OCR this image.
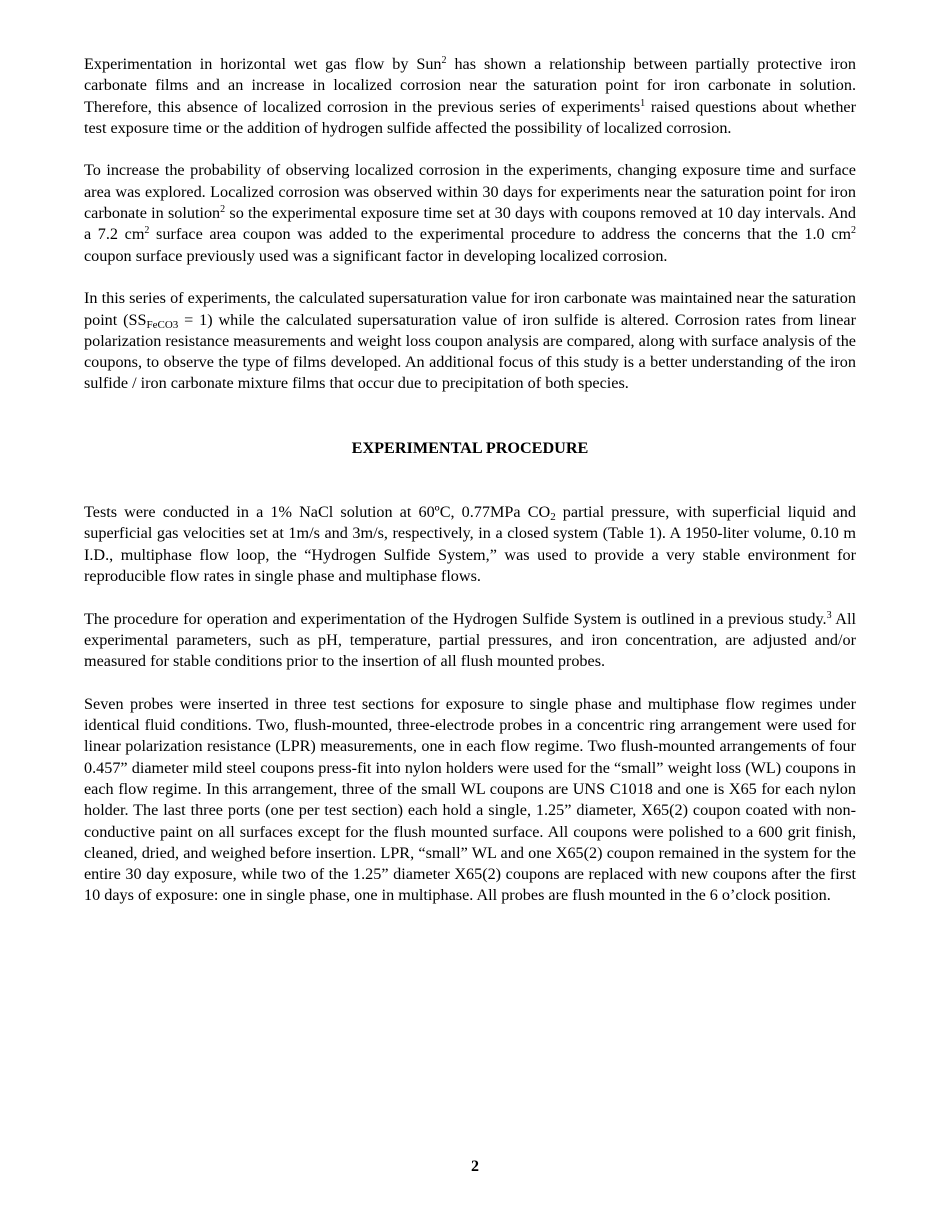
Experimentation in horizontal wet gas flow by Sun$^2$ has shown a relationship between partially protective iron carbonate films and an increase in localized corrosion near the saturation point for iron carbonate in solution. Therefore, this absence of localized corrosion in the previous series of experiments$^1$ raised questions about whether test exposure time or the addition of hydrogen sulfide affected the possibility of localized corrosion.

To increase the probability of observing localized corrosion in the experiments, changing exposure time and surface area was explored. Localized corrosion was observed within 30 days for experiments near the saturation point for iron carbonate in solution$^2$ so the experimental exposure time set at 30 days with coupons removed at 10 day intervals. And a 7.2 $cm^2$ surface area coupon was added to the experimental procedure to address the concerns that the 1.0 $cm^2$ coupon surface previously used was a significant factor in developing localized corrosion.

In this series of experiments, the calculated supersaturation value for iron carbonate was maintained near the saturation point $(SS_{FeCO3} = 1)$ while the calculated supersaturation value of iron sulfide is altered. Corrosion rates from linear polarization resistance measurements and weight loss coupon analysis are compared, along with surface analysis of the coupons, to observe the type of films developed. An additional focus of this study is a better understanding of the iron sulfide / iron carbonate mixture films that occur due to precipitation of both species.

EXPERIMENTAL PROCEDURE

Tests were conducted in a 1% NaCl solution at 60ºC, 0.77MPa $CO_2$ partial pressure, with superficial liquid and superficial gas velocities set at 1m/s and 3m/s, respectively, in a closed system (Table 1). A 1950-liter volume, 0.10 m I.D., multiphase flow loop, the “Hydrogen Sulfide System,” was used to provide a very stable environment for reproducible flow rates in single phase and multiphase flows.

The procedure for operation and experimentation of the Hydrogen Sulfide System is outlined in a previous study.$^3$ All experimental parameters, such as pH, temperature, partial pressures, and iron concentration, are adjusted and/or measured for stable conditions prior to the insertion of all flush mounted probes.

Seven probes were inserted in three test sections for exposure to single phase and multiphase flow regimes under identical fluid conditions. Two, flush-mounted, three-electrode probes in a concentric ring arrangement were used for linear polarization resistance (LPR) measurements, one in each flow regime. Two flush-mounted arrangements of four 0.457” diameter mild steel coupons press-fit into nylon holders were used for the “small” weight loss (WL) coupons in each flow regime. In this arrangement, three of the small WL coupons are UNS C1018 and one is X65 for each nylon holder. The last three ports (one per test section) each hold a single, 1.25” diameter, X65(2) coupon coated with non-conductive paint on all surfaces except for the flush mounted surface. All coupons were polished to a 600 grit finish, cleaned, dried, and weighed before insertion. LPR, “small” WL and one X65(2) coupon remained in the system for the entire 30 day exposure, while two of the 1.25” diameter X65(2) coupons are replaced with new coupons after the first 10 days of exposure: one in single phase, one in multiphase. All probes are flush mounted in the 6 o’clock position.

2
